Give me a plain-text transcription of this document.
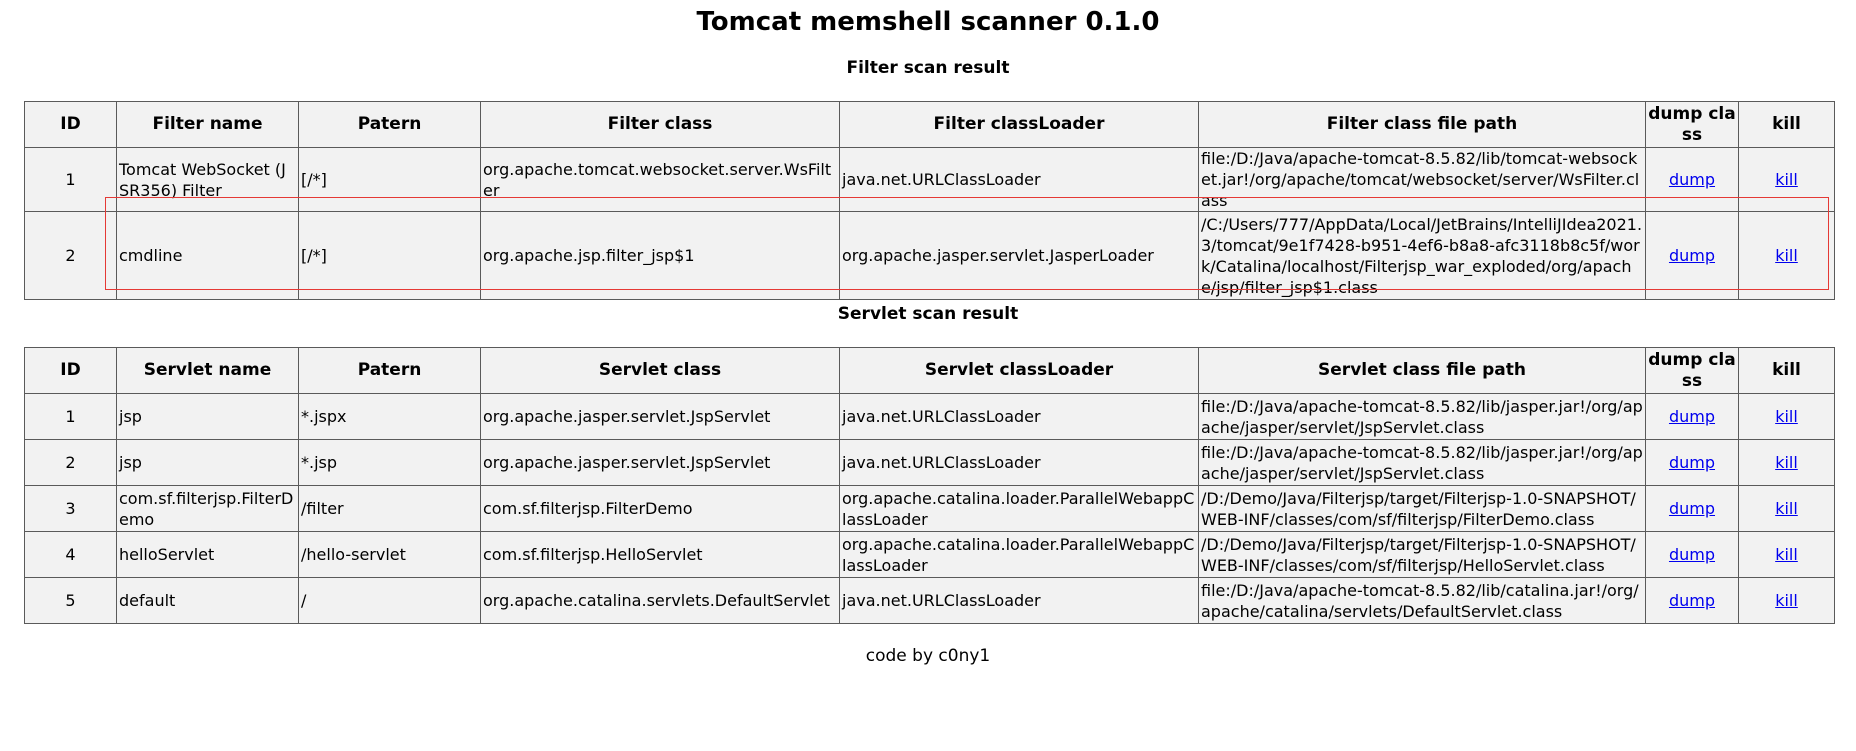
Tomcat memshell scanner 0.1.0
Filter scan result
ID	Filter name	Patern	Filter class	Filter classLoader	Filter class file path	dump class	kill
1	Tomcat WebSocket (JSR356) Filter	[/*]	org.apache.tomcat.websocket.server.WsFilter	java.net.URLClassLoader	file:/D:/Java/apache-tomcat-8.5.82/lib/tomcat-websocket.jar!/org/apache/tomcat/websocket/server/WsFilter.class	dump	kill
2	cmdline	[/*]	org.apache.jsp.filter_jsp$1	org.apache.jasper.servlet.JasperLoader	/C:/Users/777/AppData/Local/JetBrains/IntelliJIdea2021.3/tomcat/9e1f7428-b951-4ef6-b8a8-afc3118b8c5f/work/Catalina/localhost/Filterjsp_war_exploded/org/apache/jsp/filter_jsp$1.class	dump	kill
Servlet scan result
ID	Servlet name	Patern	Servlet class	Servlet classLoader	Servlet class file path	dump class	kill
1	jsp	*.jspx	org.apache.jasper.servlet.JspServlet	java.net.URLClassLoader	file:/D:/Java/apache-tomcat-8.5.82/lib/jasper.jar!/org/apache/jasper/servlet/JspServlet.class	dump	kill
2	jsp	*.jsp	org.apache.jasper.servlet.JspServlet	java.net.URLClassLoader	file:/D:/Java/apache-tomcat-8.5.82/lib/jasper.jar!/org/apache/jasper/servlet/JspServlet.class	dump	kill
3	com.sf.filterjsp.FilterDemo	/filter	com.sf.filterjsp.FilterDemo	org.apache.catalina.loader.ParallelWebappClassLoader	/D:/Demo/Java/Filterjsp/target/Filterjsp-1.0-SNAPSHOT/WEB-INF/classes/com/sf/filterjsp/FilterDemo.class	dump	kill
4	helloServlet	/hello-servlet	com.sf.filterjsp.HelloServlet	org.apache.catalina.loader.ParallelWebappClassLoader	/D:/Demo/Java/Filterjsp/target/Filterjsp-1.0-SNAPSHOT/WEB-INF/classes/com/sf/filterjsp/HelloServlet.class	dump	kill
5	default	/	org.apache.catalina.servlets.DefaultServlet	java.net.URLClassLoader	file:/D:/Java/apache-tomcat-8.5.82/lib/catalina.jar!/org/apache/catalina/servlets/DefaultServlet.class	dump	kill
code by c0ny1
